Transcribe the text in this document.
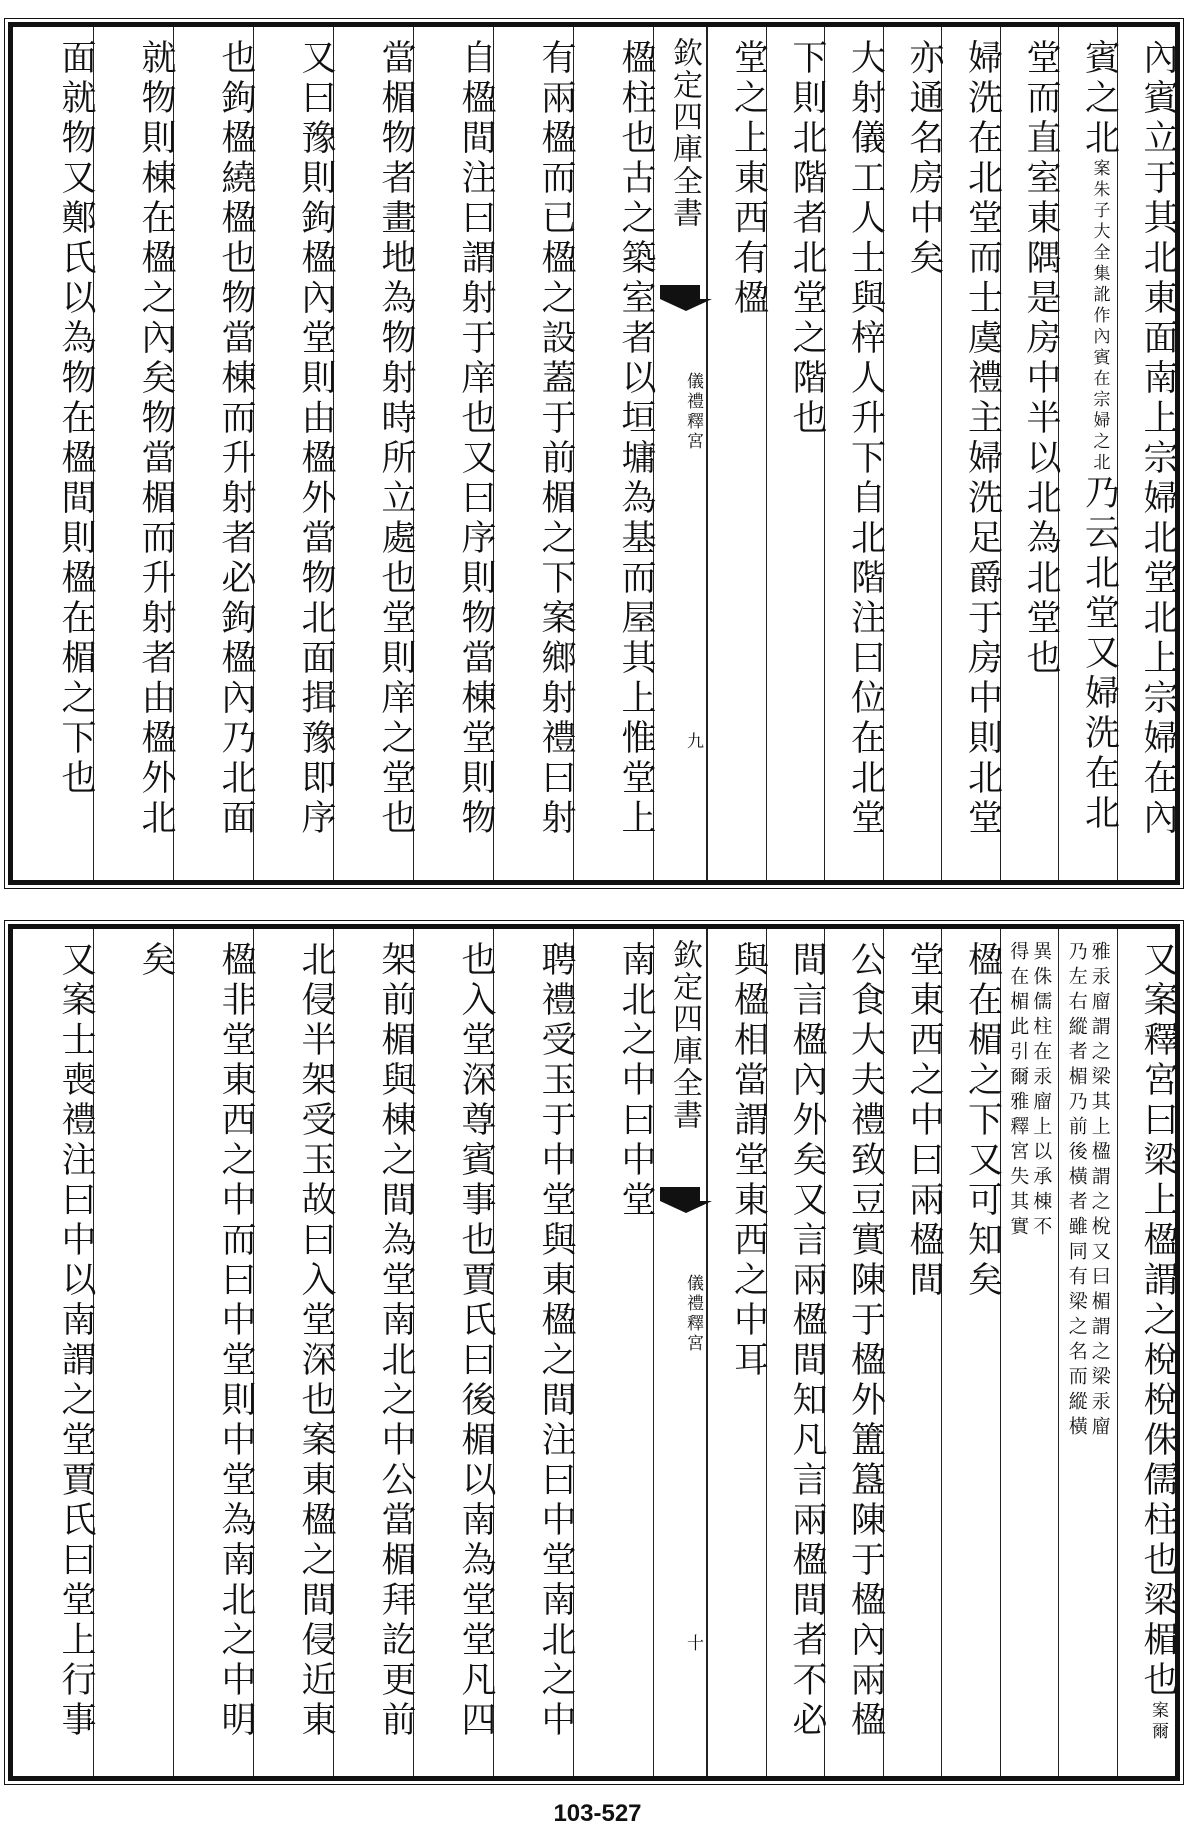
內賓立于其北東面南上宗婦北堂北上宗婦在內
賓之北案朱子大全集訛作內賓在宗婦之北乃云北堂又婦洗在北
堂而直室東隅是房中半以北為北堂也
婦洗在北堂而士虞禮主婦洗足爵于房中則北堂
亦通名房中矣
大射儀工人士與梓人升下自北階注曰位在北堂
下則北階者北堂之階也
堂之上東西有楹
欽定四庫全書
儀禮釋宮
九
楹柱也古之築室者以垣墉為基而屋其上惟堂上
有兩楹而已楹之設蓋于前楣之下案鄉射禮曰射
自楹間注曰謂射于庠也又曰序則物當棟堂則物
當楣物者畫地為物射時所立處也堂則庠之堂也
又曰豫則鉤楹內堂則由楹外當物北面揖豫即序
也鉤楹繞楹也物當棟而升射者必鉤楹內乃北面
就物則棟在楹之內矣物當楣而升射者由楹外北
面就物又鄭氏以為物在楹間則楹在楣之下也
又案釋宮曰梁上楹謂之梲梲侏儒柱也梁楣也案爾
雅汞廇謂之梁其上楹謂之梲又曰楣謂之梁汞廇
乃左右縱者楣乃前後橫者雖同有梁之名而縱橫
異侏儒柱在汞廇上以承棟不
得在楣此引爾雅釋宮失其實
楹在楣之下又可知矣
堂東西之中曰兩楹間
公食大夫禮致豆實陳于楹外簠簋陳于楹內兩楹
間言楹內外矣又言兩楹間知凡言兩楹間者不必
與楹相當謂堂東西之中耳
欽定四庫全書
儀禮釋宮
十
南北之中曰中堂
聘禮受玉于中堂與東楹之間注曰中堂南北之中
也入堂深尊賓事也賈氏曰後楣以南為堂堂凡四
架前楣與棟之間為堂南北之中公當楣拜訖更前
北侵半架受玉故曰入堂深也案東楹之間侵近東
楹非堂東西之中而曰中堂則中堂為南北之中明
矣
又案士喪禮注曰中以南謂之堂賈氏曰堂上行事
103-527
